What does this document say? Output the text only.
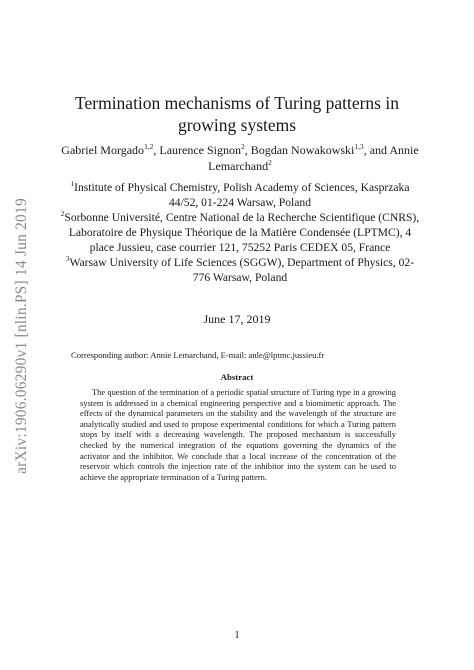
arXiv:1906.06290v1 [nlin.PS] 14 Jun 2019
Termination mechanisms of Turing patterns in growing systems
Gabriel Morgado$^{1,2}$, Laurence Signon$^2$, Bogdan Nowakowski$^{1,3}$, and Annie Lemarchand$^2$
$^1$Institute of Physical Chemistry, Polish Academy of Sciences, Kasprzaka 44/52, 01-224 Warsaw, Poland
$^2$Sorbonne Université, Centre National de la Recherche Scientifique (CNRS), Laboratoire de Physique Théorique de la Matière Condensée (LPTMC), 4 place Jussieu, case courrier 121, 75252 Paris CEDEX 05, France
$^3$Warsaw University of Life Sciences (SGGW), Department of Physics, 02-776 Warsaw, Poland
June 17, 2019
Corresponding author: Annie Lemarchand, E-mail: anle@lptmc.jussieu.fr
Abstract
The question of the termination of a periodic spatial structure of Turing type in a growing system is addressed in a chemical engineering perspective and a biomimetic approach. The effects of the dynamical parameters on the stability and the wavelength of the structure are analytically studied and used to propose experimental conditions for which a Turing pattern stops by itself with a decreasing wavelength. The proposed mechanism is successfully checked by the numerical integration of the equations governing the dynamics of the activator and the inhibitor. We conclude that a local increase of the concentration of the reservoir which controls the injection rate of the inhibitor into the system can be used to achieve the appropriate termination of a Turing pattern.
1
